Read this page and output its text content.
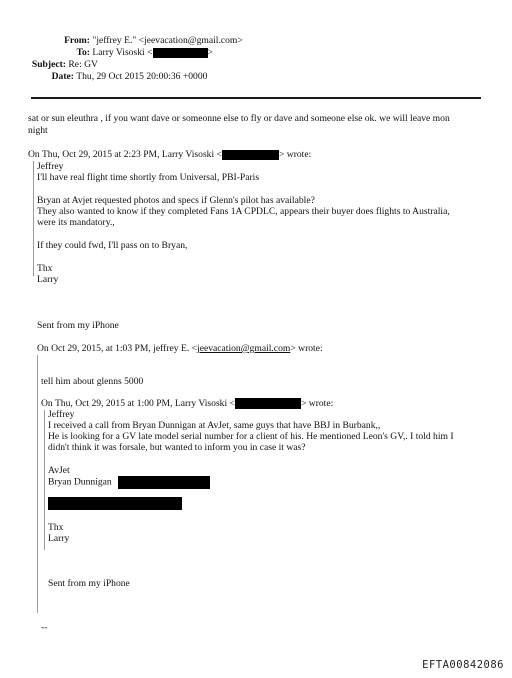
From: "jeffrey E." <jeevacation@gmail.com>
To: Larry Visoski <	>
Subject: Re: GV
Date: Thu, 29 Oct 2015 20:00:36 +0000
sat or sun eleuthra , if you want dave or someonne else to fly or dave and someone else ok. we will leave mon
night
On Thu, Oct 29, 2015 at 2:23 PM, Larry Visoski <	> wrote:
Jeffrey
I'll have real flight time shortly from Universal, PBI-Paris
Bryan at Avjet requested photos and specs if Glenn's pilot has available?
They also wanted to know if they completed Fans 1A CPDLC, appears their buyer does flights to Australia,
were its mandatory.,
If they could fwd, I'll pass on to Bryan,
Thx
Larry
Sent from my iPhone
On Oct 29, 2015, at 1:03 PM, jeffrey E. <jeevacation@gmail.com> wrote:
tell him about glenns 5000
On Thu, Oct 29, 2015 at 1:00 PM, Larry Visoski <	> wrote:
Jeffrey
I received a call from Bryan Dunnigan at AvJet, same guys that have BBJ in Burbank,,
He is looking for a GV late model serial number for a client of his. He mentioned Leon's GV,. I told him I
didn't think it was forsale, but wanted to inform you in case it was?
AvJet
Bryan Dunnigan
Thx
Larry
Sent from my iPhone
--
EFTA00842086
